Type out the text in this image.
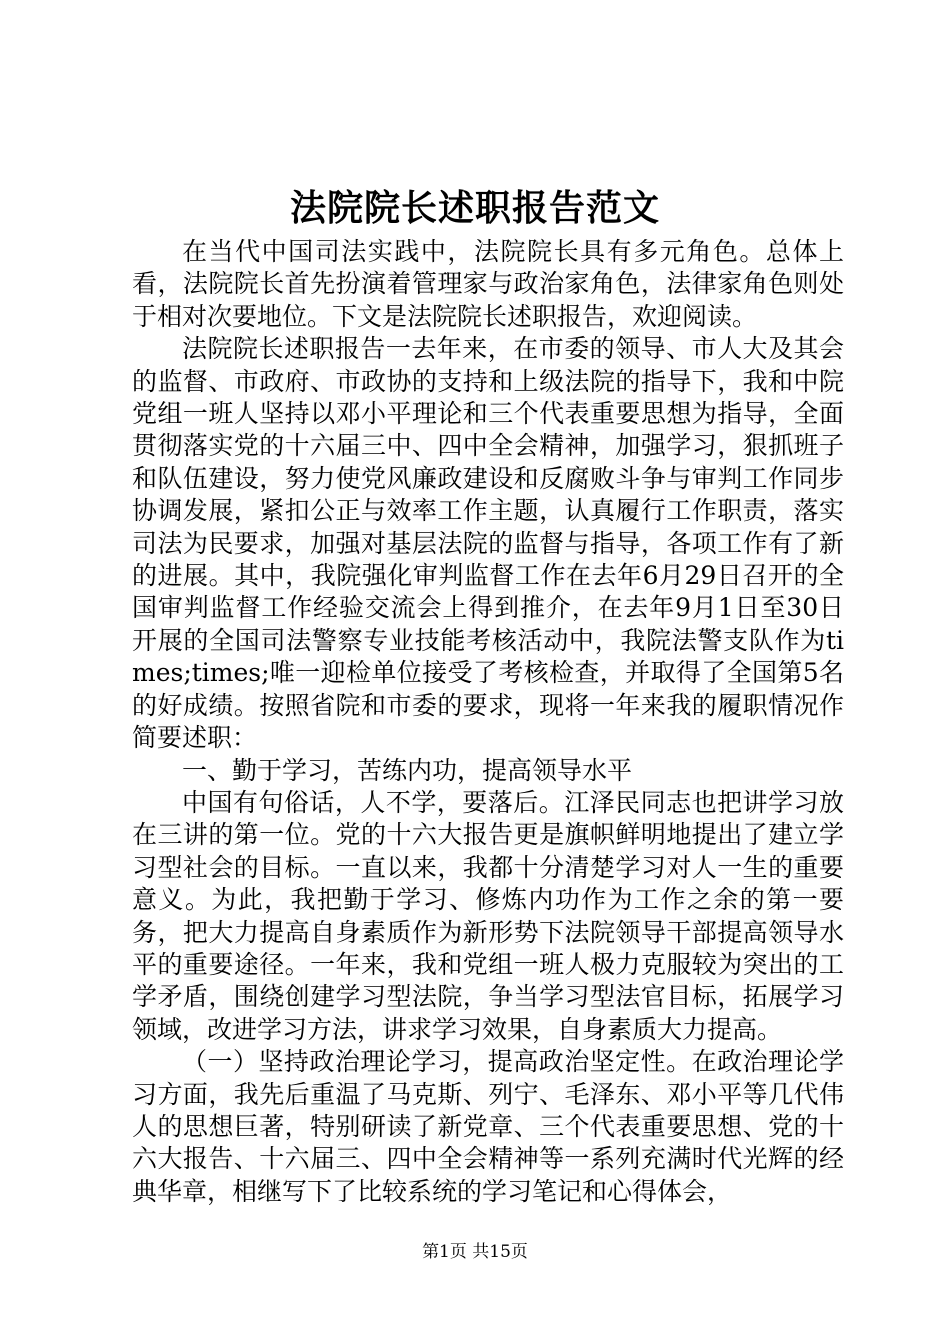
法院院长述职报告范文

在当代中国司法实践中，法院院长具有多元角色。总体上看，法院院长首先扮演着管理家与政治家角色，法律家角色则处于相对次要地位。下文是法院院长述职报告，欢迎阅读。

法院院长述职报告一去年来，在市委的领导、市人大及其会的监督、市政府、市政协的支持和上级法院的指导下，我和中院党组一班人坚持以邓小平理论和三个代表重要思想为指导，全面贯彻落实党的十六届三中、四中全会精神，加强学习，狠抓班子和队伍建设，努力使党风廉政建设和反腐败斗争与审判工作同步协调发展，紧扣公正与效率工作主题，认真履行工作职责，落实司法为民要求，加强对基层法院的监督与指导，各项工作有了新的进展。其中，我院强化审判监督工作在去年6月29日召开的全国审判监督工作经验交流会上得到推介，在去年9月1日至30日开展的全国司法警察专业技能考核活动中，我院法警支队作为times;times;唯一迎检单位接受了考核检查，并取得了全国第5名的好成绩。按照省院和市委的要求，现将一年来我的履职情况作简要述职：

一、勤于学习，苦练内功，提高领导水平

中国有句俗话，人不学，要落后。江泽民同志也把讲学习放在三讲的第一位。党的十六大报告更是旗帜鲜明地提出了建立学习型社会的目标。一直以来，我都十分清楚学习对人一生的重要意义。为此，我把勤于学习、修炼内功作为工作之余的第一要务，把大力提高自身素质作为新形势下法院领导干部提高领导水平的重要途径。一年来，我和党组一班人极力克服较为突出的工学矛盾，围绕创建学习型法院，争当学习型法官目标，拓展学习领域，改进学习方法，讲求学习效果，自身素质大力提高。

（一）坚持政治理论学习，提高政治坚定性。在政治理论学习方面，我先后重温了马克斯、列宁、毛泽东、邓小平等几代伟人的思想巨著，特别研读了新党章、三个代表重要思想、党的十六大报告、十六届三、四中全会精神等一系列充满时代光辉的经典华章，相继写下了比较系统的学习笔记和心得体会，

第1页 共15页
